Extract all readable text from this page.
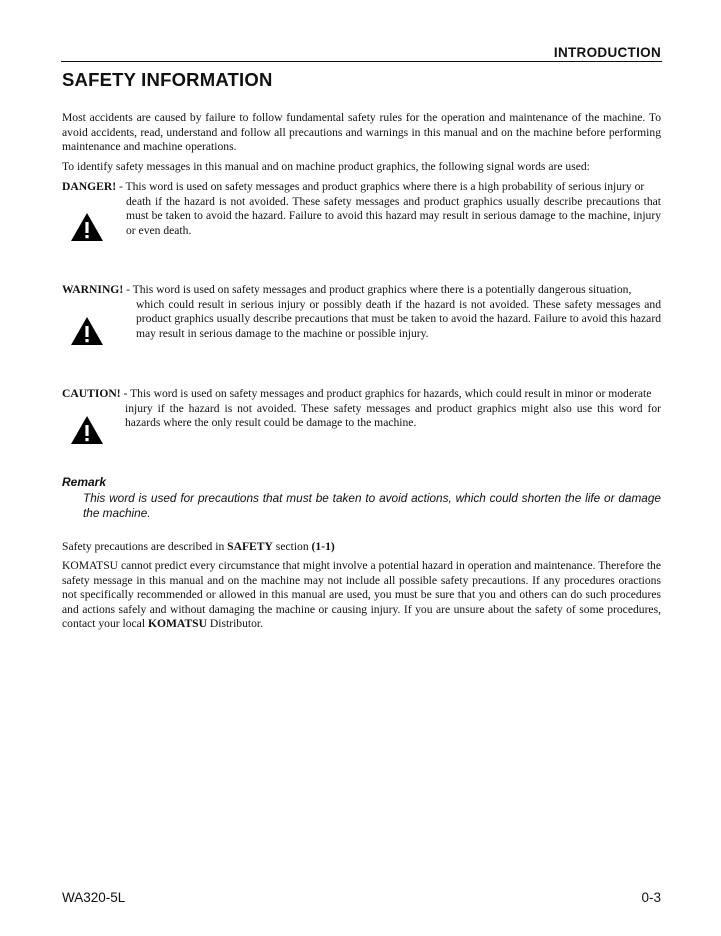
INTRODUCTION
SAFETY INFORMATION

Most accidents are caused by failure to follow fundamental safety rules for the operation and maintenance of the machine. To avoid accidents, read, understand and follow all precautions and warnings in this manual and on the machine before performing maintenance and machine operations.

To identify safety messages in this manual and on machine product graphics, the following signal words are used:

DANGER! - This word is used on safety messages and product graphics where there is a high probability of serious injury or
death if the hazard is not avoided. These safety messages and product graphics usually describe precautions that must be taken to avoid the hazard. Failure to avoid this hazard may result in serious damage to the machine, injury or even death.
WARNING! - This word is used on safety messages and product graphics where there is a potentially dangerous situation,
which could result in serious injury or possibly death if the hazard is not avoided. These safety messages and product graphics usually describe precautions that must be taken to avoid the hazard. Failure to avoid this hazard may result in serious damage to the machine or possible injury.
CAUTION! - This word is used on safety messages and product graphics for hazards, which could result in minor or moderate
injury if the hazard is not avoided. These safety messages and product graphics might also use this word for hazards where the only result could be damage to the machine.
Remark

This word is used for precautions that must be taken to avoid actions, which could shorten the life or damage the machine.

Safety precautions are described in SAFETY section (1-1)

KOMATSU cannot predict every circumstance that might involve a potential hazard in operation and maintenance. Therefore the safety message in this manual and on the machine may not include all possible safety precautions. If any procedures oractions not specifically recommended or allowed in this manual are used, you must be sure that you and others can do such procedures and actions safely and without damaging the machine or causing injury. If you are unsure about the safety of some procedures, contact your local KOMATSU Distributor.

WA320-5L	0-3
